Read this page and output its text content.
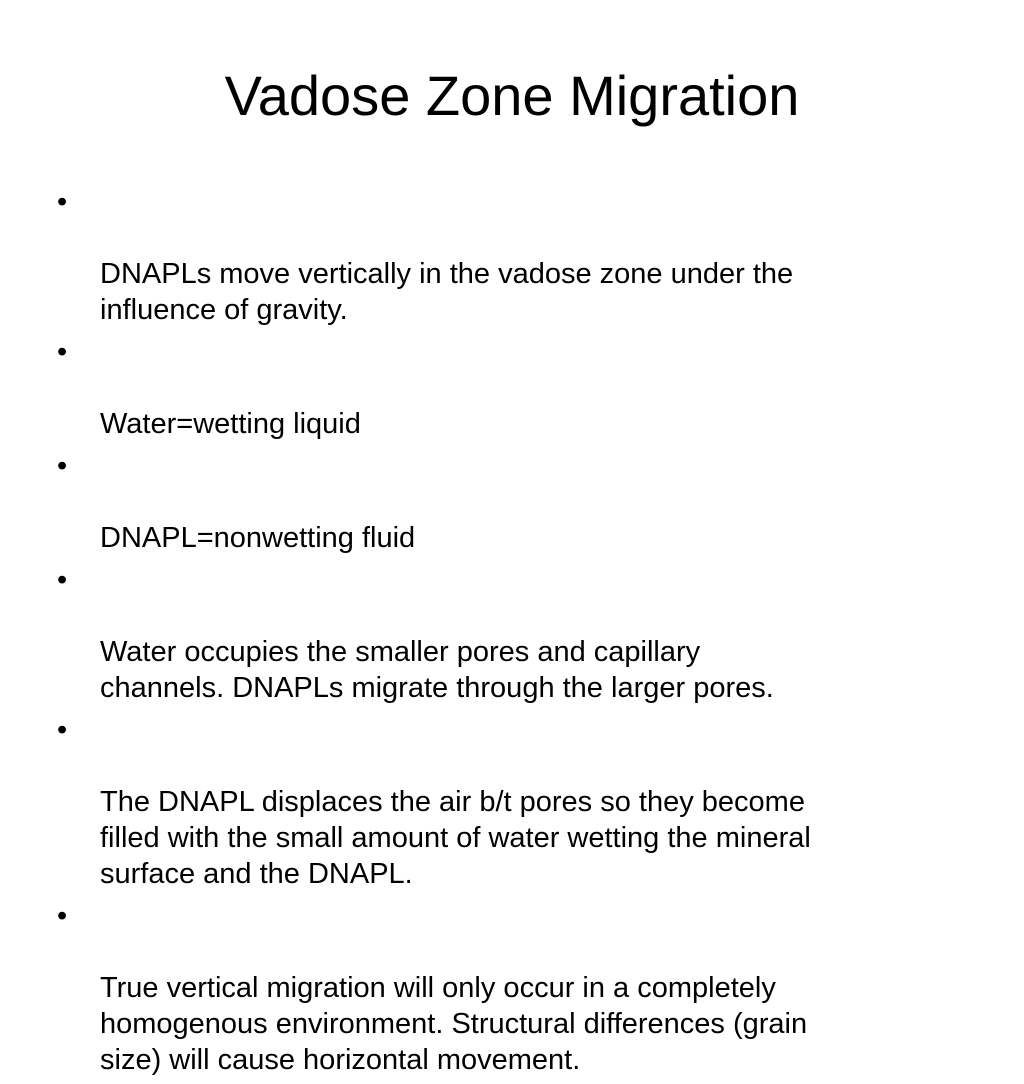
Vadose Zone Migration

•

DNAPLs move vertically in the vadose zone under the
influence of gravity.

•

Water=wetting liquid

•

DNAPL=nonwetting fluid

•

Water occupies the smaller pores and capillary
channels. DNAPLs migrate through the larger pores.

•

The DNAPL displaces the air b/t pores so they become
filled with the small amount of water wetting the mineral
surface and the DNAPL.

•

True vertical migration will only occur in a completely
homogenous environment. Structural differences (grain
size) will cause horizontal movement.
